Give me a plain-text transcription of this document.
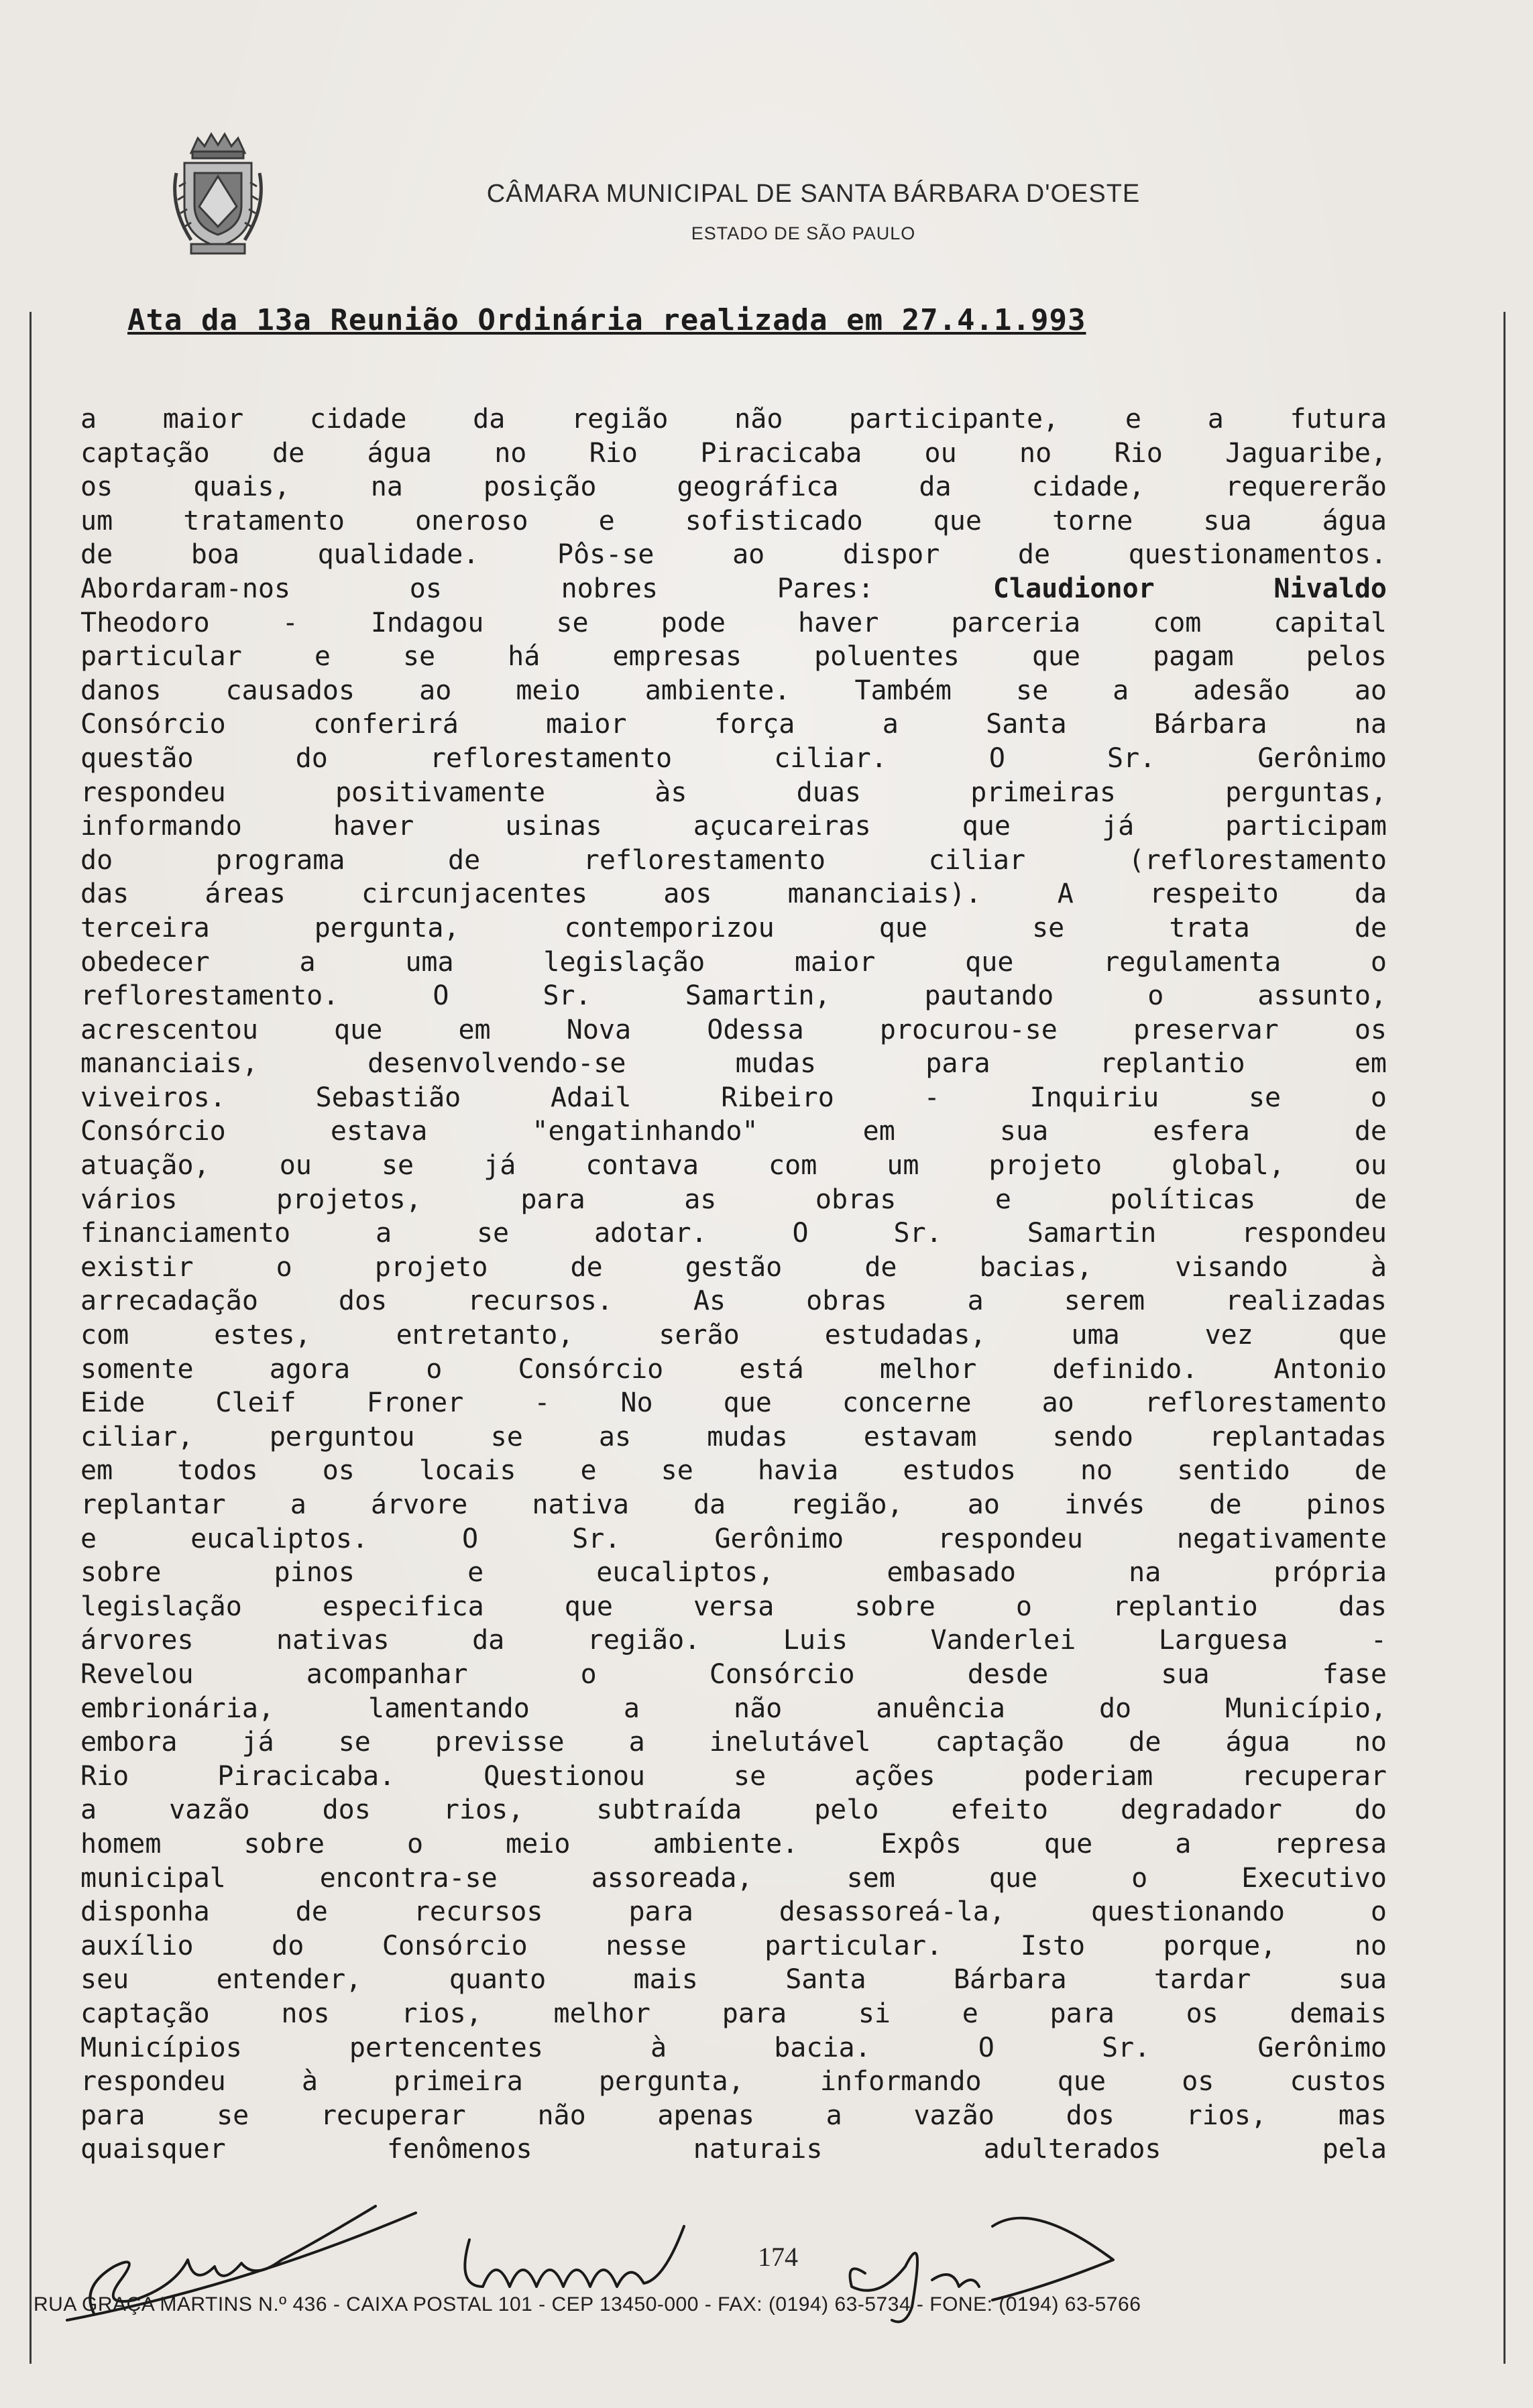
CÂMARA MUNICIPAL DE SANTA BÁRBARA D'OESTE
ESTADO DE SÃO PAULO
Ata da 13a Reunião Ordinária realizada em 27.4.1.993
a maior cidade da região não participante, e a futura
captação de água no Rio Piracicaba ou no Rio Jaguaribe,
os quais, na posição geográfica da cidade, requererão
um tratamento oneroso e sofisticado que torne sua água
de boa qualidade. Pôs-se ao dispor de questionamentos.
Abordaram-nos os nobres Pares: Claudionor Nivaldo
Theodoro - Indagou se pode haver parceria com capital
particular e se há empresas poluentes que pagam pelos
danos causados ao meio ambiente. Também se a adesão ao
Consórcio conferirá maior força a Santa Bárbara na
questão do reflorestamento ciliar. O Sr. Gerônimo
respondeu positivamente às duas primeiras perguntas,
informando haver usinas açucareiras que já participam
do programa de reflorestamento ciliar (reflorestamento
das áreas circunjacentes aos mananciais). A respeito da
terceira pergunta, contemporizou que se trata de
obedecer a uma legislação maior que regulamenta o
reflorestamento. O Sr. Samartin, pautando o assunto,
acrescentou que em Nova Odessa procurou-se preservar os
mananciais, desenvolvendo-se mudas para replantio em
viveiros. Sebastião Adail Ribeiro - Inquiriu se o
Consórcio estava "engatinhando" em sua esfera de
atuação, ou se já contava com um projeto global, ou
vários projetos, para as obras e políticas de
financiamento a se adotar. O Sr. Samartin respondeu
existir o projeto de gestão de bacias, visando à
arrecadação dos recursos. As obras a serem realizadas
com estes, entretanto, serão estudadas, uma vez que
somente agora o Consórcio está melhor definido. Antonio
Eide Cleif Froner - No que concerne ao reflorestamento
ciliar, perguntou se as mudas estavam sendo replantadas
em todos os locais e se havia estudos no sentido de
replantar a árvore nativa da região, ao invés de pinos
e eucaliptos. O Sr. Gerônimo respondeu negativamente
sobre pinos e eucaliptos, embasado na própria
legislação especifica que versa sobre o replantio das
árvores nativas da região. Luis Vanderlei Larguesa -
Revelou acompanhar o Consórcio desde sua fase
embrionária, lamentando a não anuência do Município,
embora já se previsse a inelutável captação de água no
Rio Piracicaba. Questionou se ações poderiam recuperar
a vazão dos rios, subtraída pelo efeito degradador do
homem sobre o meio ambiente. Expôs que a represa
municipal encontra-se assoreada, sem que o Executivo
disponha de recursos para desassoreá-la, questionando o
auxílio do Consórcio nesse particular. Isto porque, no
seu entender, quanto mais Santa Bárbara tardar sua
captação nos rios, melhor para si e para os demais
Municípios pertencentes à bacia. O Sr. Gerônimo
respondeu à primeira pergunta, informando que os custos
para se recuperar não apenas a vazão dos rios, mas
quaisquer fenômenos naturais adulterados pela
174
RUA GRAÇA MARTINS N.º 436 - CAIXA POSTAL 101 - CEP 13450-000 - FAX: (0194) 63-5734 - FONE: (0194) 63-5766
